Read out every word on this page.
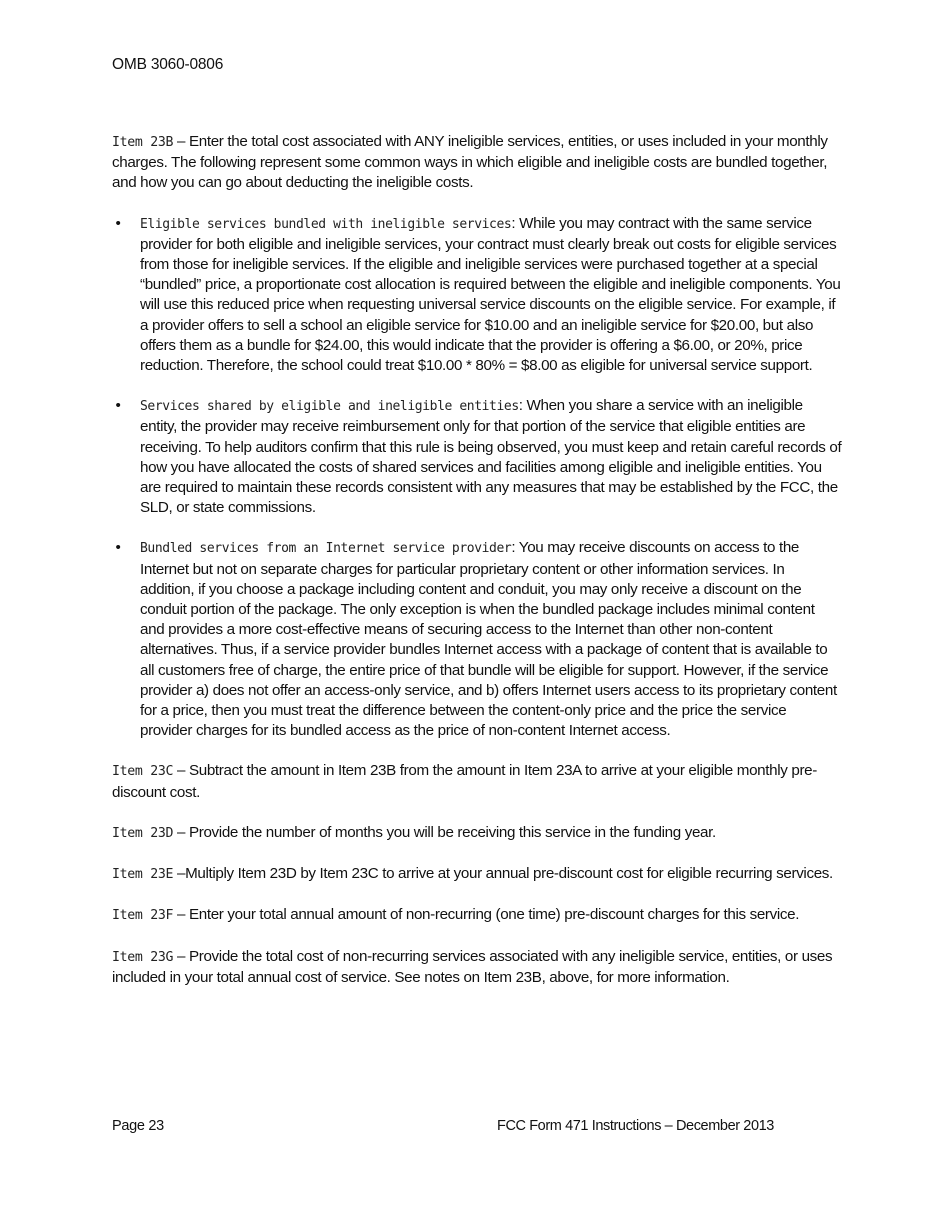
OMB 3060-0806

Item 23B – Enter the total cost associated with ANY ineligible services, entities, or uses included in your monthly charges. The following represent some common ways in which eligible and ineligible costs are bundled together, and how you can go about deducting the ineligible costs.

• Eligible services bundled with ineligible services: While you may contract with the same service provider for both eligible and ineligible services, your contract must clearly break out costs for eligible services from those for ineligible services. If the eligible and ineligible services were purchased together at a special “bundled” price, a proportionate cost allocation is required between the eligible and ineligible components. You will use this reduced price when requesting universal service discounts on the eligible service. For example, if a provider offers to sell a school an eligible service for $10.00 and an ineligible service for $20.00, but also offers them as a bundle for $24.00, this would indicate that the provider is offering a $6.00, or 20%, price reduction. Therefore, the school could treat $10.00 * 80% = $8.00 as eligible for universal service support.
• Services shared by eligible and ineligible entities: When you share a service with an ineligible entity, the provider may receive reimbursement only for that portion of the service that eligible entities are receiving. To help auditors confirm that this rule is being observed, you must keep and retain careful records of how you have allocated the costs of shared services and facilities among eligible and ineligible entities. You are required to maintain these records consistent with any measures that may be established by the FCC, the SLD, or state commissions.
• Bundled services from an Internet service provider: You may receive discounts on access to the Internet but not on separate charges for particular proprietary content or other information services. In addition, if you choose a package including content and conduit, you may only receive a discount on the conduit portion of the package. The only exception is when the bundled package includes minimal content and provides a more cost-effective means of securing access to the Internet than other non-content alternatives. Thus, if a service provider bundles Internet access with a package of content that is available to all customers free of charge, the entire price of that bundle will be eligible for support. However, if the service provider a) does not offer an access-only service, and b) offers Internet users access to its proprietary content for a price, then you must treat the difference between the content-only price and the price the service provider charges for its bundled access as the price of non-content Internet access.

Item 23C – Subtract the amount in Item 23B from the amount in Item 23A to arrive at your eligible monthly pre-discount cost.

Item 23D – Provide the number of months you will be receiving this service in the funding year.

Item 23E –Multiply Item 23D by Item 23C to arrive at your annual pre-discount cost for eligible recurring services.

Item 23F – Enter your total annual amount of non-recurring (one time) pre-discount charges for this service.

Item 23G – Provide the total cost of non-recurring services associated with any ineligible service, entities, or uses included in your total annual cost of service. See notes on Item 23B, above, for more information.

Page 23	FCC Form 471 Instructions – December 2013
